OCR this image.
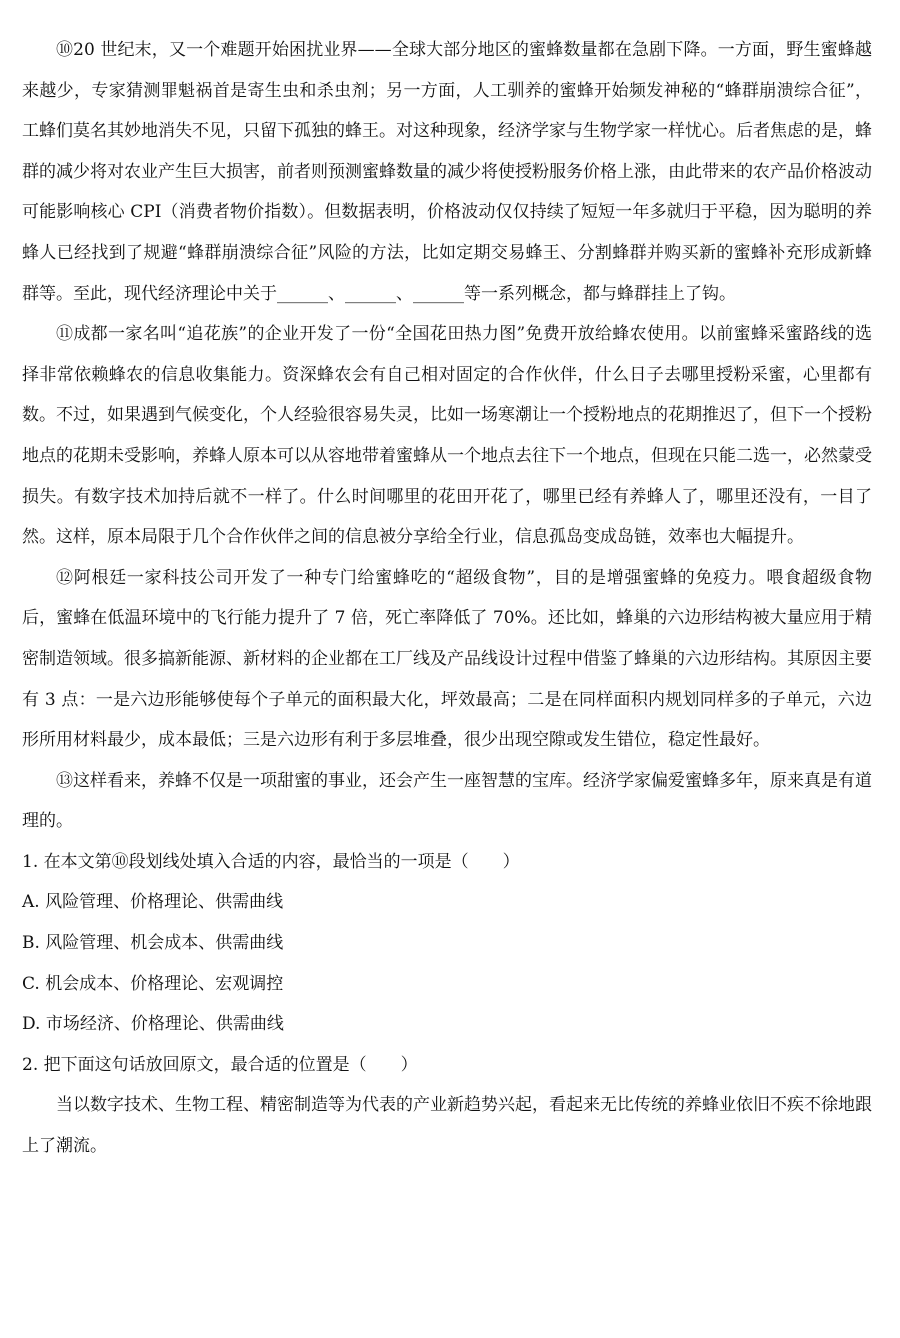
⑩20 世纪末，又一个难题开始困扰业界——全球大部分地区的蜜蜂数量都在急剧下降。一方面，野生蜜蜂越来越少，专家猜测罪魁祸首是寄生虫和杀虫剂；另一方面，人工驯养的蜜蜂开始频发神秘的“蜂群崩溃综合征”，工蜂们莫名其妙地消失不见，只留下孤独的蜂王。对这种现象，经济学家与生物学家一样忧心。后者焦虑的是，蜂群的减少将对农业产生巨大损害，前者则预测蜜蜂数量的减少将使授粉服务价格上涨，由此带来的农产品价格波动可能影响核心 CPI（消费者物价指数）。但数据表明，价格波动仅仅持续了短短一年多就归于平稳，因为聪明的养蜂人已经找到了规避“蜂群崩溃综合征”风险的方法，比如定期交易蜂王、分割蜂群并购买新的蜜蜂补充形成新蜂群等。至此，现代经济理论中关于______、______、______等一系列概念，都与蜂群挂上了钩。

⑪成都一家名叫“追花族”的企业开发了一份“全国花田热力图”免费开放给蜂农使用。以前蜜蜂采蜜路线的选择非常依赖蜂农的信息收集能力。资深蜂农会有自己相对固定的合作伙伴，什么日子去哪里授粉采蜜，心里都有数。不过，如果遇到气候变化，个人经验很容易失灵，比如一场寒潮让一个授粉地点的花期推迟了，但下一个授粉地点的花期未受影响，养蜂人原本可以从容地带着蜜蜂从一个地点去往下一个地点，但现在只能二选一，必然蒙受损失。有数字技术加持后就不一样了。什么时间哪里的花田开花了，哪里已经有养蜂人了，哪里还没有，一目了然。这样，原本局限于几个合作伙伴之间的信息被分享给全行业，信息孤岛变成岛链，效率也大幅提升。

⑫阿根廷一家科技公司开发了一种专门给蜜蜂吃的“超级食物”，目的是增强蜜蜂的免疫力。喂食超级食物后，蜜蜂在低温环境中的飞行能力提升了 7 倍，死亡率降低了 70%。还比如，蜂巢的六边形结构被大量应用于精密制造领域。很多搞新能源、新材料的企业都在工厂线及产品线设计过程中借鉴了蜂巢的六边形结构。其原因主要有 3 点：一是六边形能够使每个子单元的面积最大化，坪效最高；二是在同样面积内规划同样多的子单元，六边形所用材料最少，成本最低；三是六边形有利于多层堆叠，很少出现空隙或发生错位，稳定性最好。

⑬这样看来，养蜂不仅是一项甜蜜的事业，还会产生一座智慧的宝库。经济学家偏爱蜜蜂多年，原来真是有道理的。

1. 在本文第⑩段划线处填入合适的内容，最恰当的一项是（　　）

A. 风险管理、价格理论、供需曲线

B. 风险管理、机会成本、供需曲线

C. 机会成本、价格理论、宏观调控

D. 市场经济、价格理论、供需曲线

2. 把下面这句话放回原文，最合适的位置是（　　）

当以数字技术、生物工程、精密制造等为代表的产业新趋势兴起，看起来无比传统的养蜂业依旧不疾不徐地跟上了潮流。
